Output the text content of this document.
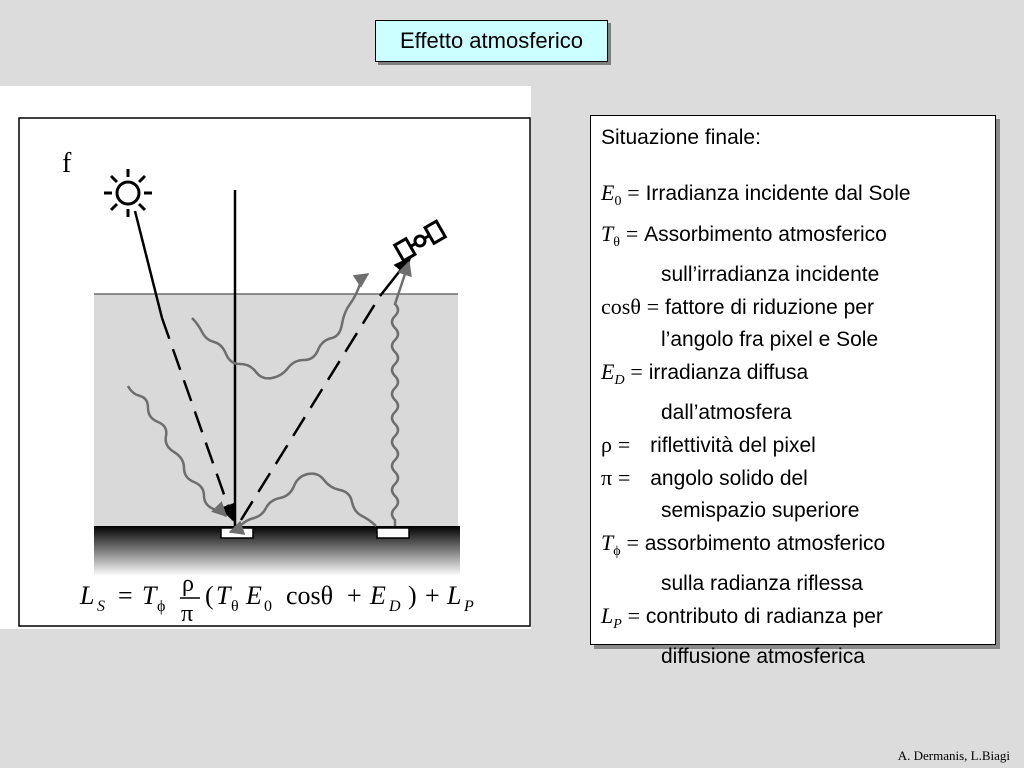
Effetto atmosferico
f
L S = T ϕ
ρ
π
( T θ E 0 cosθ + E D ) + L P
Situazione finale:
$E_0$ = Irradianza incidente dal Sole
$T_\theta$ = Assorbimento atmosferico
sull’irradianza incidente
cosθ = fattore di riduzione per
l’angolo fra pixel e Sole
$E_D$ = irradianza diffusa
dall’atmosfera
ρ = riflettività del pixel
π = angolo solido del
semispazio superiore
$T_\phi$ = assorbimento atmosferico
sulla radianza riflessa
$L_P$ = contributo di radianza per
diffusione atmosferica
A. Dermanis, L.Biagi
